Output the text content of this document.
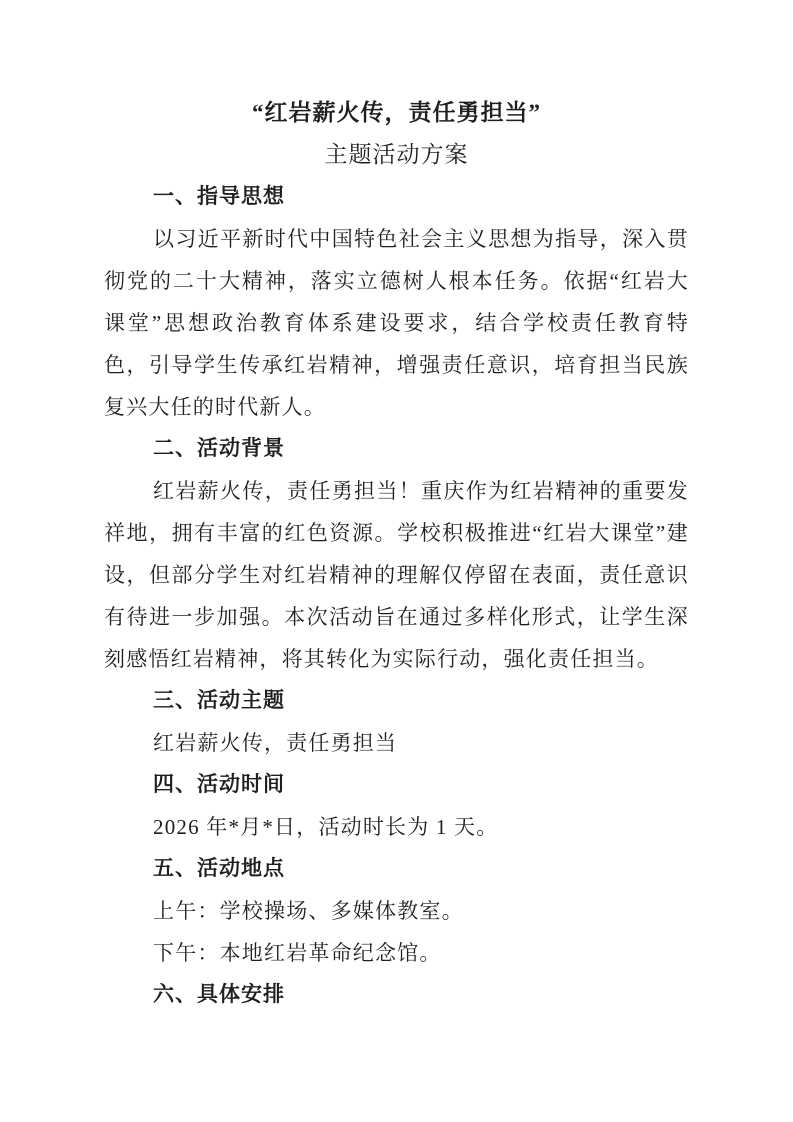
“红岩薪火传，责任勇担当”
主题活动方案
一、指导思想

以习近平新时代中国特色社会主义思想为指导，深入贯彻党的二十大精神，落实立德树人根本任务。依据“红岩大课堂”思想政治教育体系建设要求，结合学校责任教育特色，引导学生传承红岩精神，增强责任意识，培育担当民族复兴大任的时代新人。

二、活动背景

红岩薪火传，责任勇担当！重庆作为红岩精神的重要发祥地，拥有丰富的红色资源。学校积极推进“红岩大课堂”建设，但部分学生对红岩精神的理解仅停留在表面，责任意识有待进一步加强。本次活动旨在通过多样化形式，让学生深刻感悟红岩精神，将其转化为实际行动，强化责任担当。

三、活动主题

红岩薪火传，责任勇担当

四、活动时间

2026 年*月*日，活动时长为 1 天。

五、活动地点

上午：学校操场、多媒体教室。

下午：本地红岩革命纪念馆。

六、具体安排
